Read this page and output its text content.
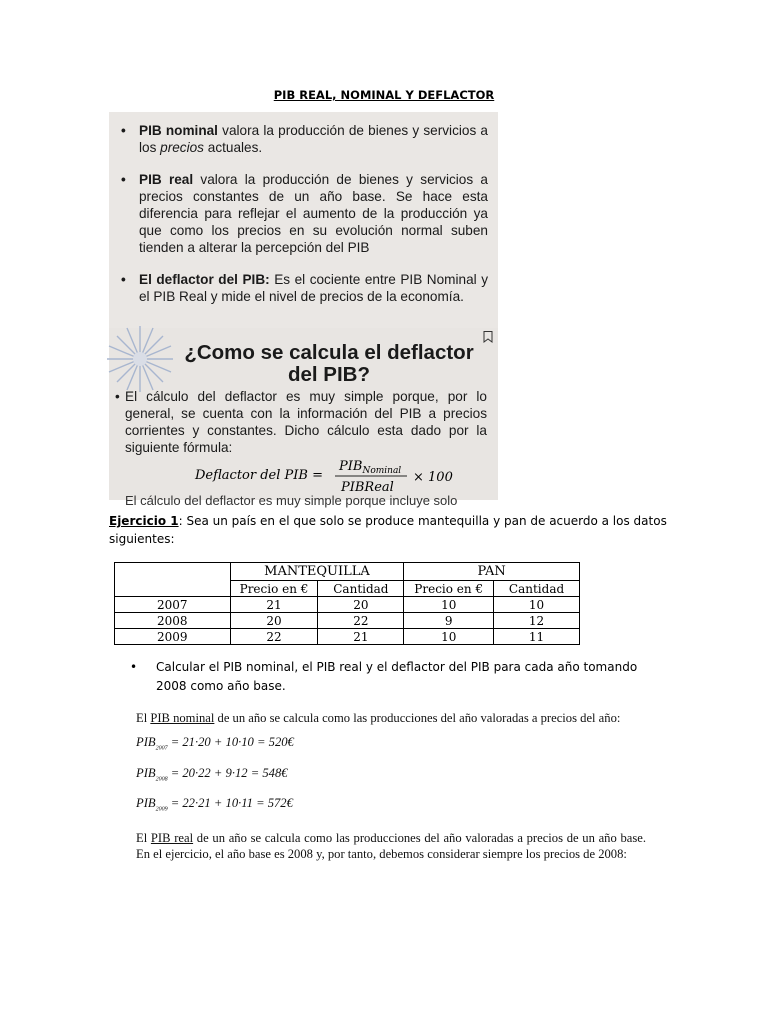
PIB REAL, NOMINAL Y DEFLACTOR
• PIB nominal valora la producción de bienes y servicios a los precios actuales.
• PIB real valora la producción de bienes y servicios a precios constantes de un año base. Se hace esta diferencia para reflejar el aumento de la producción ya que como los precios en su evolución normal suben tienden a alterar la percepción del PIB
• El deflactor del PIB: Es el cociente entre PIB Nominal y el PIB Real y mide el nivel de precios de la economía.
¿Como se calcula el deflactor del PIB?
• El cálculo del deflactor es muy simple porque, por lo general, se cuenta con la información del PIB a precios corrientes y constantes. Dicho cálculo esta dado por la siguiente fórmula:
Deflactor del PIB =
$PIB_{Nominal}$
PIBReal
× 100
El cálculo del deflactor es muy simple porque incluye solo
Ejercicio 1: Sea un país en el que solo se produce mantequilla y pan de acuerdo a los datos siguientes:
	MANTEQUILLA		PAN	
	Precio en €	Cantidad	Precio en €	Cantidad
2007	21	20	10	10
2008	20	22	9	12
2009	22	21	10	11
• Calcular el PIB nominal, el PIB real y el deflactor del PIB para cada año tomando 2008 como año base.
El PIB nominal de un año se calcula como las producciones del año valoradas a precios del año:
$PIB_{2007} = 21\cdot 20 + 10\cdot 10$ = 520€
$PIB_{2008} = 20\cdot 22 + 9\cdot 12$ = 548€
$PIB_{2009} = 22\cdot 21 + 10\cdot 11$ = 572€
El PIB real de un año se calcula como las producciones del año valoradas a precios de un año base. En el ejercicio, el año base es 2008 y, por tanto, debemos considerar siempre los precios de 2008:
